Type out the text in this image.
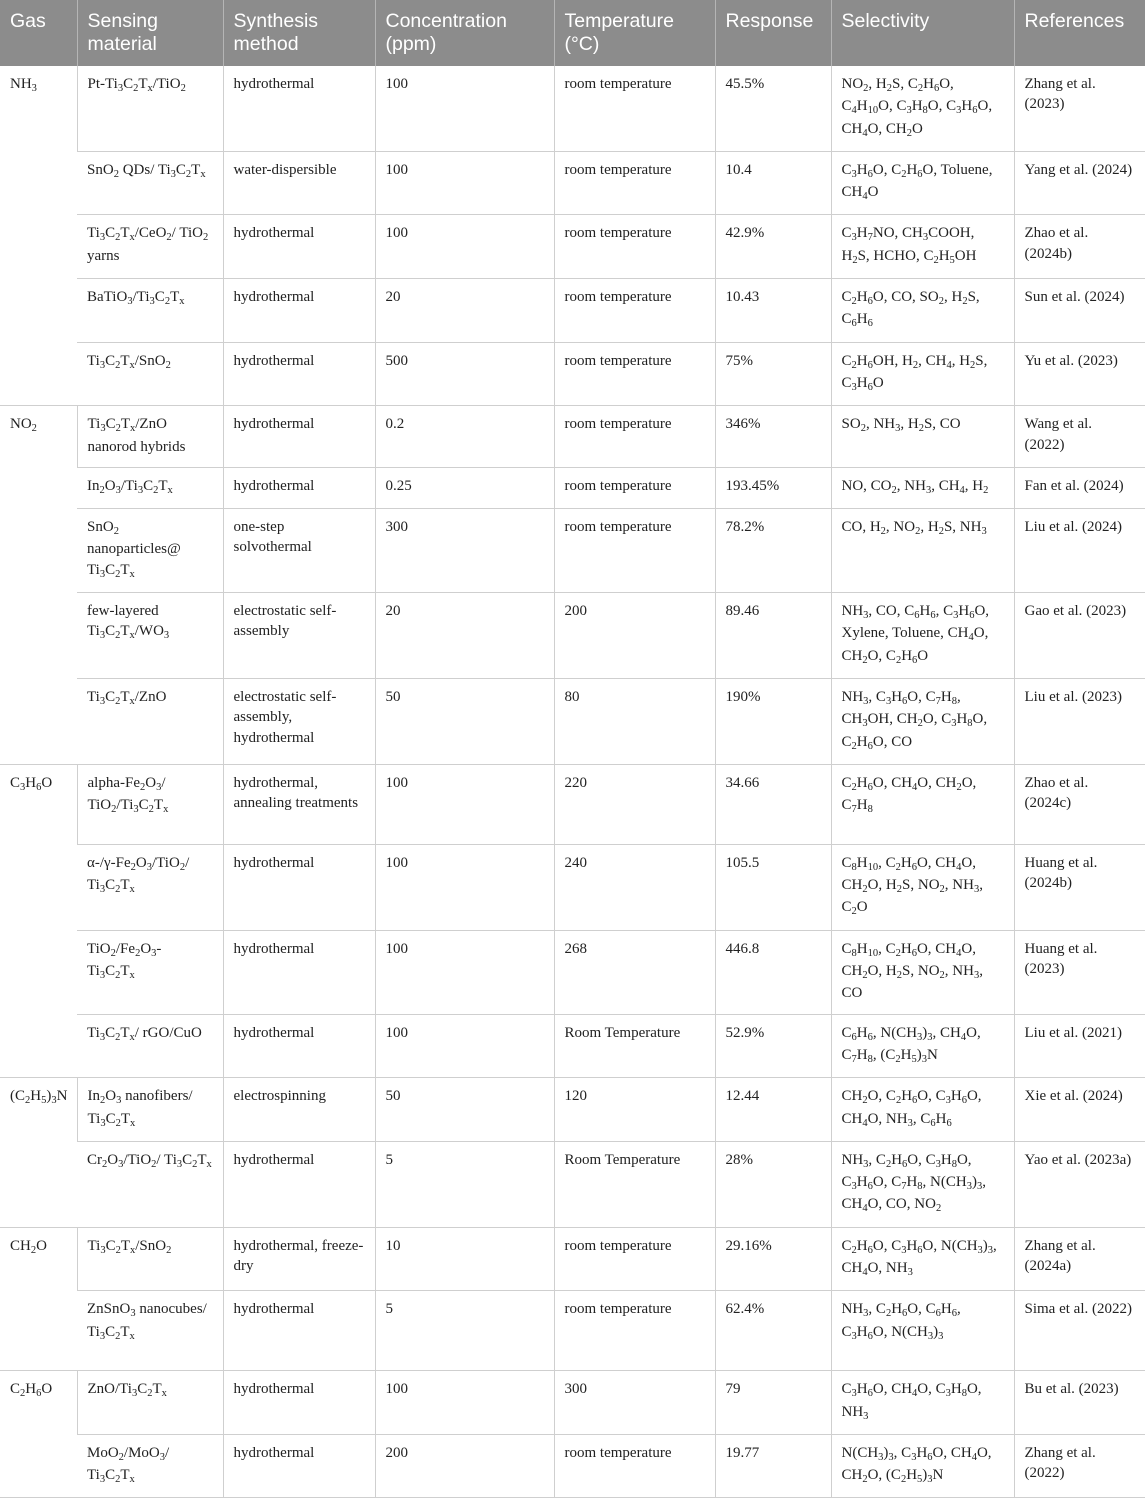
Gas	Sensing material	Synthesis method	Concentration (ppm)	Temperature (°C)	Response	Selectivity	References
$NH_3$	$Pt-Ti_3C_2T_x/TiO_2$	hydrothermal	100	room temperature	45.5%	$NO_2$, $H_2S$, $C_2H_6O$, $C_4H_{10}O$, $C_3H_8O$, $C_3H_6O$, $CH_4O$, $CH_2O$	Zhang et al. (2023)
	SnO$_2$ QDs/ $Ti_3C_2T_x$	water-dispersible	100	room temperature	10.4	$C_3H_6O$, $C_2H_6O$, Toluene, $CH_4O$	Yang et al. (2024)
	$Ti_3C_2T_x/CeO_2/$ TiO$_2$ yarns	hydrothermal	100	room temperature	42.9%	$C_3H_7NO$, $CH_3COOH$, $H_2S$, HCHO, $C_2H_5OH$	Zhao et al. (2024b)
	$BaTiO_3/Ti_3C_2T_x$	hydrothermal	20	room temperature	10.43	$C_2H_6O$, CO, $SO_2$, $H_2S$, $C_6H_6$	Sun et al. (2024)
	$Ti_3C_2T_x/SnO_2$	hydrothermal	500	room temperature	75%	$C_2H_6OH$, $H_2$, $CH_4$, $H_2S$, $C_3H_6O$	Yu et al. (2023)
$NO_2$	$Ti_3C_2T_x$/ZnO nanorod hybrids	hydrothermal	0.2	room temperature	346%	$SO_2$, $NH_3$, $H_2S$, CO	Wang et al. (2022)
	$In_2O_3/Ti_3C_2T_x$	hydrothermal	0.25	room temperature	193.45%	NO, $CO_2$, $NH_3$, $CH_4$, $H_2$	Fan et al. (2024)
	SnO$_2$ nanoparticles@ $Ti_3C_2T_x$	one-step solvothermal	300	room temperature	78.2%	CO, $H_2$, $NO_2$, $H_2S$, $NH_3$	Liu et al. (2024)
	few-layered $Ti_3C_2T_x/WO_3$	electrostatic self-assembly	20	200	89.46	$NH_3$, CO, $C_6H_6$, $C_3H_6O$, Xylene, Toluene, $CH_4O$, $CH_2O$, $C_2H_6O$	Gao et al. (2023)
	$Ti_3C_2T_x$/ZnO	electrostatic self-assembly, hydrothermal	50	80	190%	$NH_3$, $C_3H_6O$, $C_7H_8$, $CH_3OH$, $CH_2O$, $C_3H_8O$, $C_2H_6O$, CO	Liu et al. (2023)
$C_3H_6O$	alpha-$Fe_2O_3/$ $TiO_2/Ti_3C_2T_x$	hydrothermal, annealing treatments	100	220	34.66	$C_2H_6O$, $CH_4O$, $CH_2O$, $C_7H_8$	Zhao et al. (2024c)
	$\alpha-/\gamma-Fe_2O_3/TiO_2/$ $Ti_3C_2T_x$	hydrothermal	100	240	105.5	$C_8H_{10}$, $C_2H_6O$, $CH_4O$, $CH_2O$, $H_2S$, $NO_2$, $NH_3$, $C_2O$	Huang et al. (2024b)
	$TiO_2/Fe_2O_3-$ $Ti_3C_2T_x$	hydrothermal	100	268	446.8	$C_8H_{10}$, $C_2H_6O$, $CH_4O$, $CH_2O$, $H_2S$, $NO_2$, $NH_3$, CO	Huang et al. (2023)
	$Ti_3C_2T_x/$ rGO/CuO	hydrothermal	100	Room Temperature	52.9%	$C_6H_6$, $N(CH_3)_3$, $CH_4O$, $C_7H_8$, $(C_2H_5)_3N$	Liu et al. (2021)
$(C_2H_5)_3N$	$In_2O_3$ nanofibers/ $Ti_3C_2T_x$	electrospinning	50	120	12.44	$CH_2O$, $C_2H_6O$, $C_3H_6O$, $CH_4O$, $NH_3$, $C_6H_6$	Xie et al. (2024)
	$Cr_2O_3/TiO_2/$ $Ti_3C_2T_x$	hydrothermal	5	Room Temperature	28%	$NH_3$, $C_2H_6O$, $C_3H_8O$, $C_3H_6O$, $C_7H_8$, $N(CH_3)_3$, $CH_4O$, CO, $NO_2$	Yao et al. (2023a)
$CH_2O$	$Ti_3C_2T_x/SnO_2$	hydrothermal, freeze-dry	10	room temperature	29.16%	$C_2H_6O$, $C_3H_6O$, $N(CH_3)_3$, $CH_4O$, $NH_3$	Zhang et al. (2024a)
	ZnSnO$_3$ nanocubes/ $Ti_3C_2T_x$	hydrothermal	5	room temperature	62.4%	$NH_3$, $C_2H_6O$, $C_6H_6$, $C_3H_6O$, $N(CH_3)_3$	Sima et al. (2022)
$C_2H_6O$	ZnO/$Ti_3C_2T_x$	hydrothermal	100	300	79	$C_3H_6O$, $CH_4O$, $C_3H_8O$, $NH_3$	Bu et al. (2023)
	MoO$_2$/MoO$_3$/ $Ti_3C_2T_x$	hydrothermal	200	room temperature	19.77	$N(CH_3)_3$, $C_3H_6O$, $CH_4O$, $CH_2O$, $(C_2H_5)_3N$	Zhang et al. (2022)
